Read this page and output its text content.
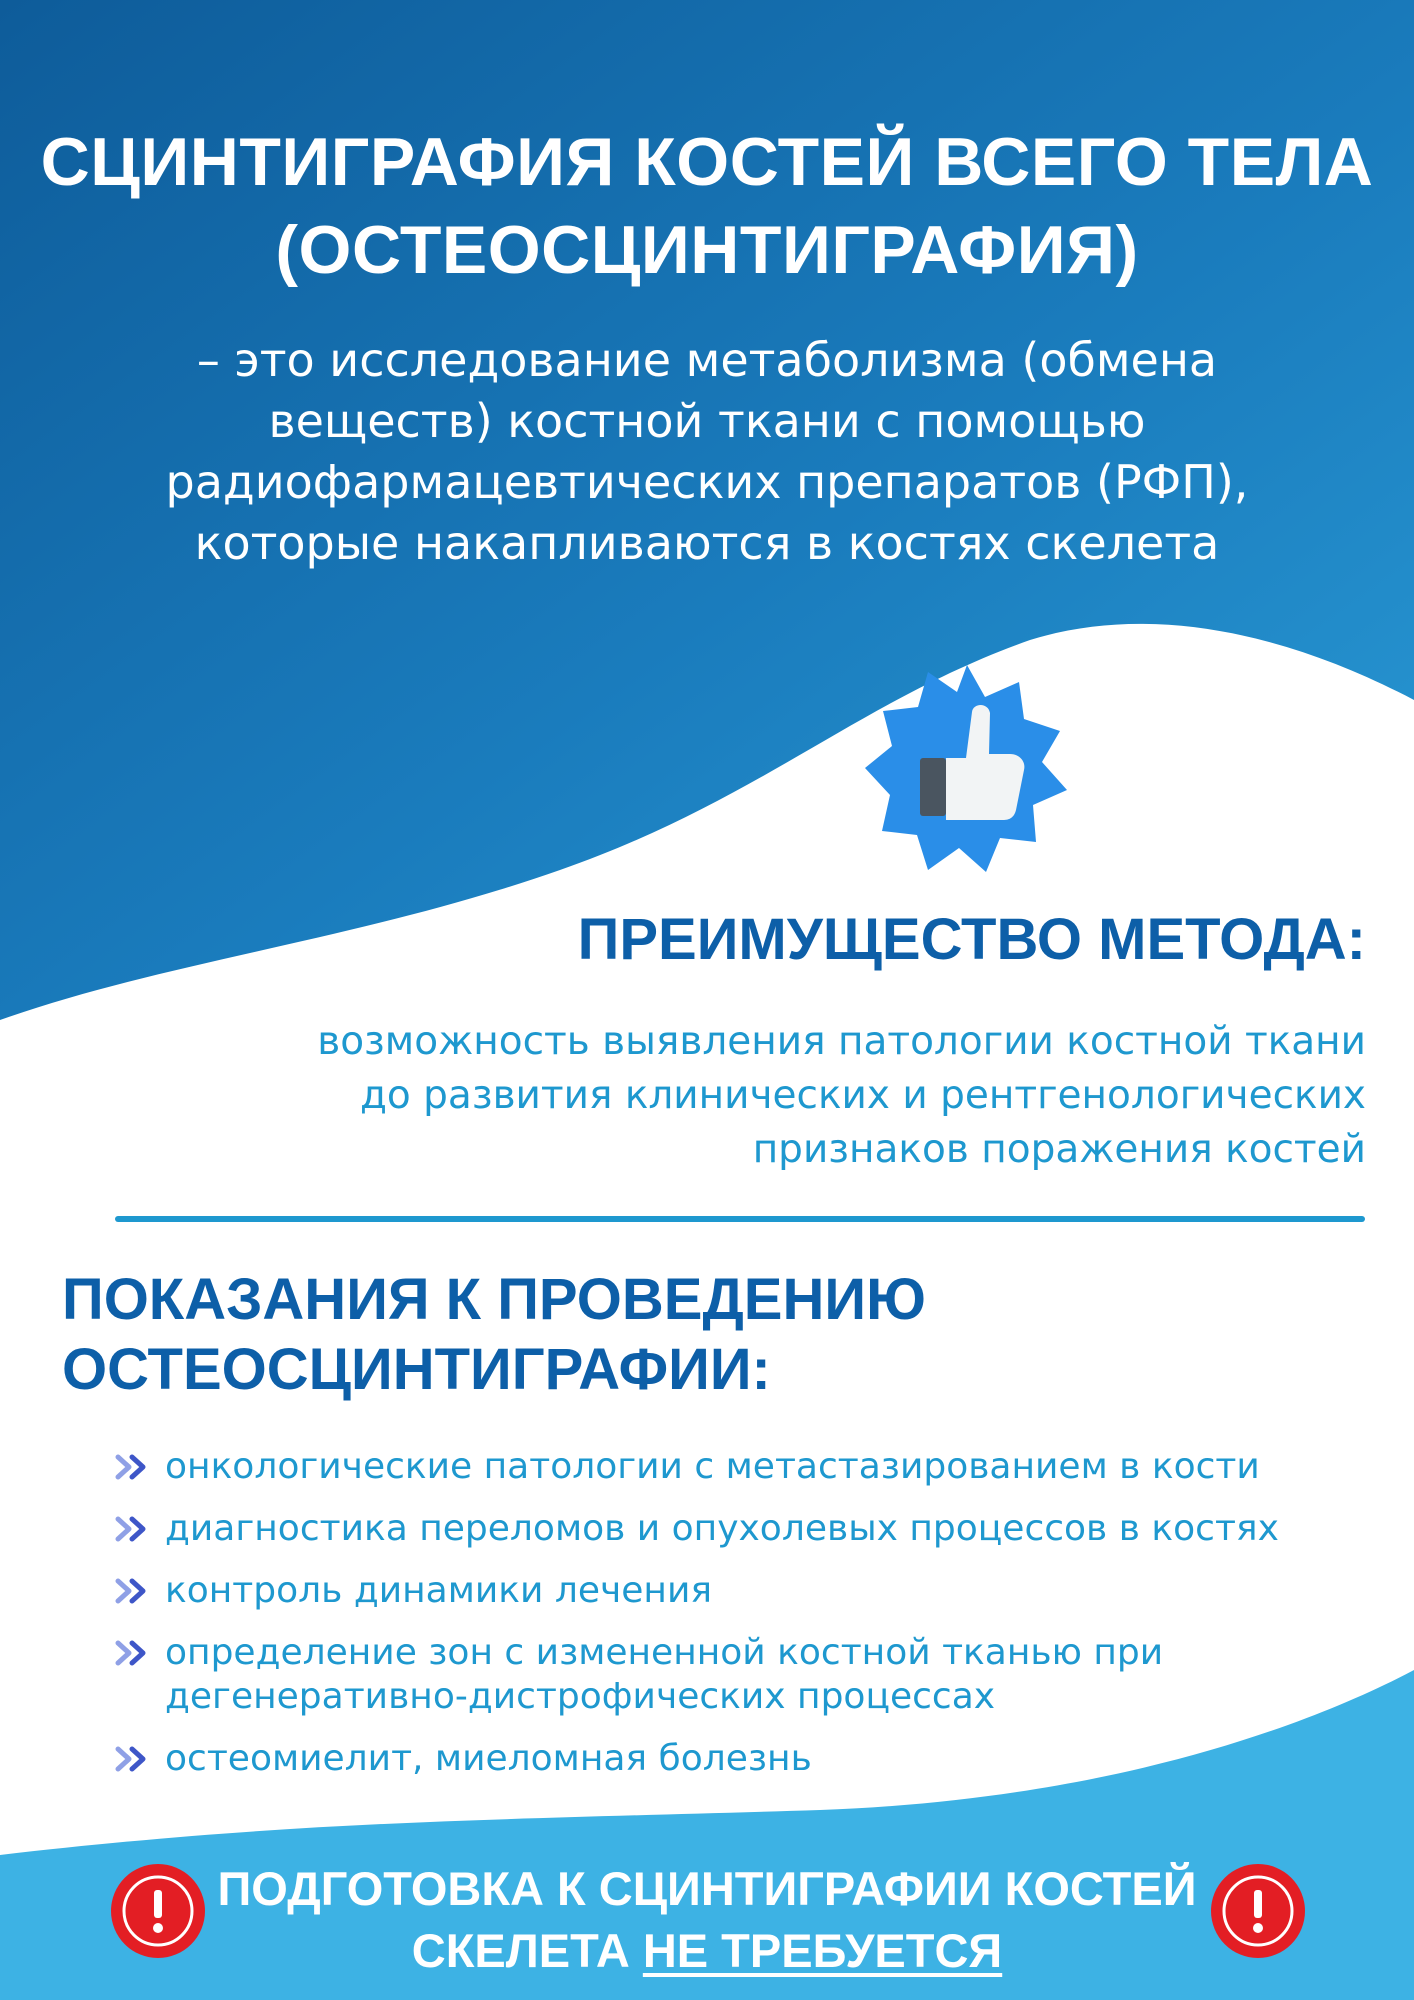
СЦИНТИГРАФИЯ КОСТЕЙ ВСЕГО ТЕЛА
(ОСТЕОСЦИНТИГРАФИЯ)
– это исследование метаболизма (обмена
веществ) костной ткани с помощью
радиофармацевтических препаратов (РФП),
которые накапливаются в костях скелета
ПРЕИМУЩЕСТВО МЕТОДА:
возможность выявления патологии костной ткани
до развития клинических и рентгенологических
признаков поражения костей
ПОКАЗАНИЯ К ПРОВЕДЕНИЮ
ОСТЕОСЦИНТИГРАФИИ:
онкологические патологии с метастазированием в кости
диагностика переломов и опухолевых процессов в костях
контроль динамики лечения
определение зон с измененной костной тканью при
дегенеративно-дистрофических процессах
остеомиелит, миеломная болезнь
ПОДГОТОВКА К СЦИНТИГРАФИИ КОСТЕЙ
СКЕЛЕТА НЕ ТРЕБУЕТСЯ
